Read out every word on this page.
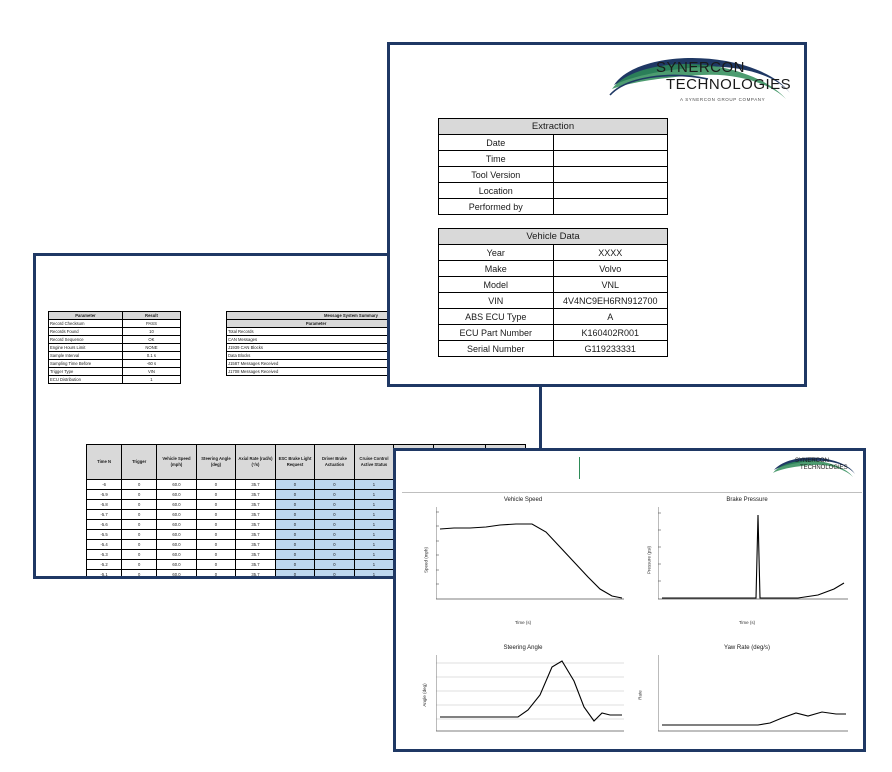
Parameter	Result
Record Checksum	PASS
Records Found	10
Record Sequence	OK
Engine Hours Limit	NONE
Sample Interval	0.1 s
Sampling Time Before	-60 s
Trigger Type	VIN
ECU Distribution	1
Message System Summary	
Parameter	
Total Records	
CAN Messages	
J1939 CAN Blocks	
Data Blocks	
J1587 Messages Received	
J1708 Messages Received	
Time N	Trigger	Vehicle Speed (mph)	Steering Angle (deg)	Axial Rate (rad/s) (°/s)	ESC Brake Light Request	Driver Brake Actuation	Cruise Control Active Status			
-6	0	60.0	0	35.7	0	0	1			
-5.9	0	60.0	0	35.7	0	0	1			
-5.8	0	60.0	0	35.7	0	0	1			
-5.7	0	60.0	0	35.7	0	0	1			
-5.6	0	60.0	0	35.7	0	0	1			
-5.5	0	60.0	0	35.7	0	0	1			
-5.4	0	60.0	0	35.7	0	0	1			
-5.3	0	60.0	0	35.7	0	0	1			
-5.2	0	60.0	0	35.7	0	0	1			
-5.1	0	60.0	0	35.7	0	0	1			
SYNERCON
TECHNOLOGIES
A SYNERCON GROUP COMPANY
Extraction	
Date	
Time	
Tool Version	
Location	
Performed by	
Vehicle Data	
Year	XXXX
Make	Volvo
Model	VNL
VIN	4V4NC9EH6RN912700
ABS ECU Type	A
ECU Part Number	K160402R001
Serial Number	G119233331
SYNERCON
TECHNOLOGIES
Vehicle Speed
Speed (mph)
Time (s)
Brake Pressure
Pressure (psi)
Time (s)
Steering Angle
Angle (deg)
Yaw Rate (deg/s)
Rate
